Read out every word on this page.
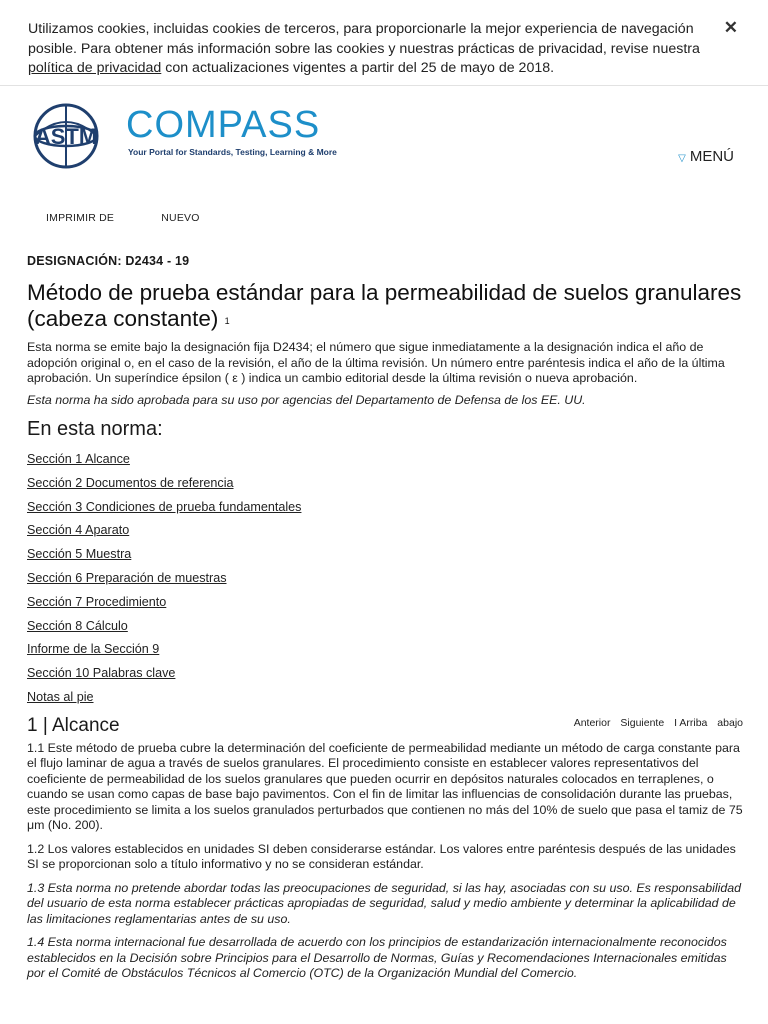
Utilizamos cookies, incluidas cookies de terceros, para proporcionarle la mejor experiencia de navegación posible. Para obtener más información sobre las cookies y nuestras prácticas de privacidad, revise nuestra política de privacidad con actualizaciones vigentes a partir del 25 de mayo de 2018.
✕
ASTM COMPASS
Your Portal for Standards, Testing, Learning & More
▽ MENÚ
IMPRIMIR DE	NUEVO
DESIGNACIÓN: D2434 - 19
Método de prueba estándar para la permeabilidad de suelos granulares (cabeza constante) $^1$

Esta norma se emite bajo la designación fija D2434; el número que sigue inmediatamente a la designación indica el año de adopción original o, en el caso de la revisión, el año de la última revisión. Un número entre paréntesis indica el año de la última aprobación. Un superíndice épsilon ( ε ) indica un cambio editorial desde la última revisión o nueva aprobación.

Esta norma ha sido aprobada para su uso por agencias del Departamento de Defensa de los EE. UU.

En esta norma:
Sección 1 Alcance
Sección 2 Documentos de referencia
Sección 3 Condiciones de prueba fundamentales
Sección 4 Aparato
Sección 5 Muestra
Sección 6 Preparación de muestras
Sección 7 Procedimiento
Sección 8 Cálculo
Informe de la Sección 9
Sección 10 Palabras clave
Notas al pie
1 | Alcance	Anterior Siguiente I Arriba abajo

1.1 Este método de prueba cubre la determinación del coeficiente de permeabilidad mediante un método de carga constante para el flujo laminar de agua a través de suelos granulares. El procedimiento consiste en establecer valores representativos del coeficiente de permeabilidad de los suelos granulares que pueden ocurrir en depósitos naturales colocados en terraplenes, o cuando se usan como capas de base bajo pavimentos. Con el fin de limitar las influencias de consolidación durante las pruebas, este procedimiento se limita a los suelos granulados perturbados que contienen no más del 10% de suelo que pasa el tamiz de 75 μm (No. 200).

1.2 Los valores establecidos en unidades SI deben considerarse estándar. Los valores entre paréntesis después de las unidades SI se proporcionan solo a título informativo y no se consideran estándar.

1.3 Esta norma no pretende abordar todas las preocupaciones de seguridad, si las hay, asociadas con su uso. Es responsabilidad del usuario de esta norma establecer prácticas apropiadas de seguridad, salud y medio ambiente y determinar la aplicabilidad de las limitaciones reglamentarias antes de su uso.

1.4 Esta norma internacional fue desarrollada de acuerdo con los principios de estandarización internacionalmente reconocidos establecidos en la Decisión sobre Principios para el Desarrollo de Normas, Guías y Recomendaciones Internacionales emitidas por el Comité de Obstáculos Técnicos al Comercio (OTC) de la Organización Mundial del Comercio.
